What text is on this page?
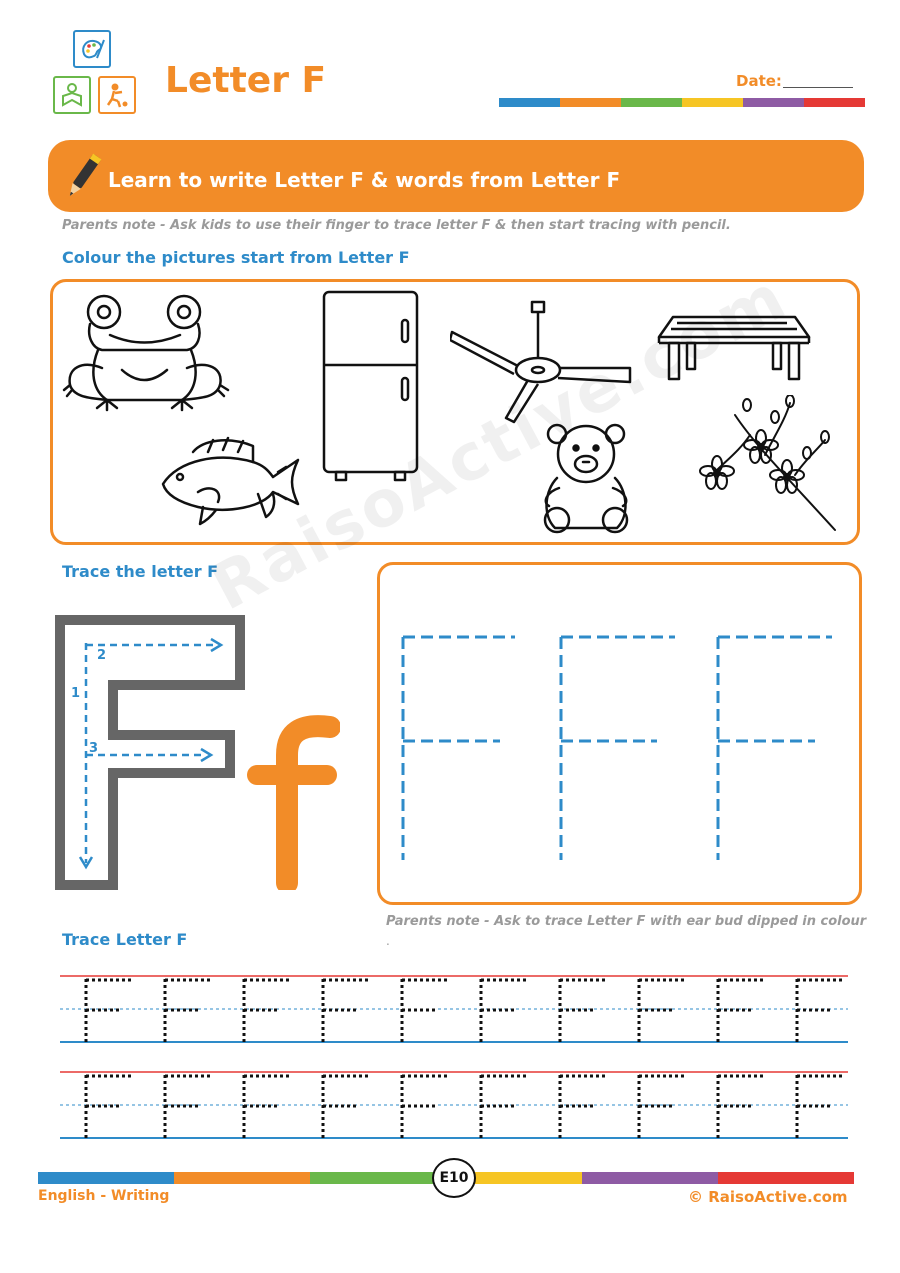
Letter F	Date:
Learn to write Letter F & words from Letter F
Parents note - Ask kids to use their finger to trace letter F & then start tracing with pencil.
Colour the pictures start from Letter F
Trace the letter F
1
2
3
Parents note - Ask to trace Letter F with ear bud dipped in colour
.
Trace Letter F
RaisoActive.com
E10
English - Writing	© RaisoActive.com
